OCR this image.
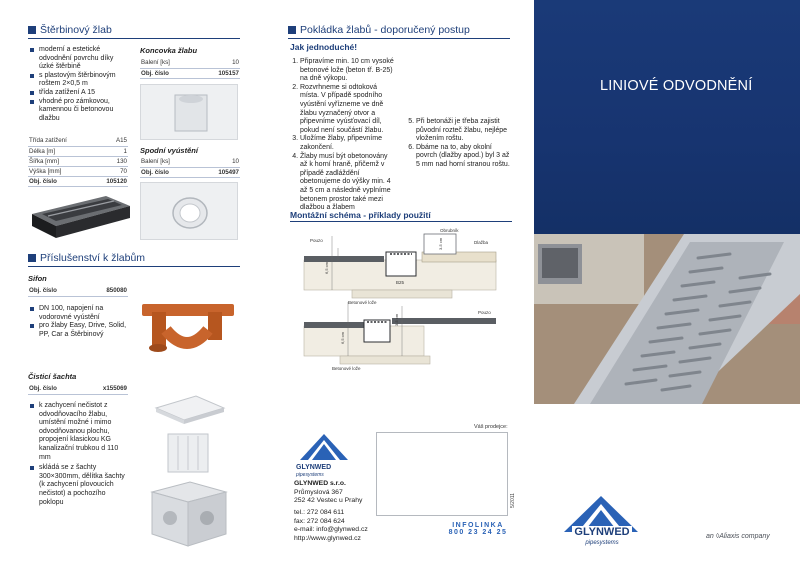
Štěrbinový žlab
moderní a estetické odvodnění povrchu díky úzké štěrbině
s plastovým štěrbinovým roštem 2×0,5 m
třída zatížení A 15
vhodné pro zámkovou, kamennou či betonovou dlažbu
Třída zatížení	A15
Délka [m]	1
Šířka [mm]	130
Výška [mm]	70
Obj. číslo	105120
Koncovka žlabu
Balení [ks]	10
Obj. číslo	105157
Spodní vyústění
Balení [ks]	10
Obj. číslo	105497
Příslušenství k žlabům
Sifon
Obj. číslo	850080
DN 100, napojení na vodorovné vyústění
pro žlaby Easy, Drive, Solid, PP, Car a Štěrbinový
Čisticí šachta
Obj. číslo	x155069
k zachycení nečistot z odvodňovacího žlabu, umístění možné i mimo odvodňovanou plochu, propojení klasickou KG kanalizační trubkou d 110 mm
skládá se z šachty 300×300mm, dělítka šachty (k zachycení plovoucích nečistot) a pochozího poklopu
Pokládka žlabů - doporučený postup
Jak jednoduché!
1. Připravíme min. 10 cm vysoké betonové lože (beton tř. B-25) na dně výkopu.
2. Rozvrhneme si odtoková místa. V případě spodního vyústění vyřízneme ve dně žlabu vyznačený otvor a připevníme vyúsťovací díl, pokud není součástí žlabu.
3. Uložíme žlaby, připevníme zakončení.
4. Žlaby musí být obetonovány až k horní hraně, přičemž v případě zadláždění obetonujeme do výšky min. 4 až 5 cm a následně vyplníme betonem prostor také mezi dlažbou a žlabem
5. Při betonáži je třeba zajistit původní rozteč žlabu, nejlépe vložením roštu.
6. Dbáme na to, aby okolní povrch (dlažby apod.) byl 3 až 5 mm nad horní stranou roštu.
Montážní schéma - příklady použití
Obrubník
Pouzo	Dlažba
Betonové lože
Pouzo
B25
Betonové lože
6,5 cm
3-5 cm
6,5 cm
3-5 cm
GLYNWED
pipesystems
GLYNWED s.r.o.
Průmyslová 367
252 42 Vestec u Prahy
tel.: 272 084 611
fax: 272 084 624
e-mail: info@glynwed.cz
http://www.glynwed.cz
Váš prodejce:
5/2011
INFOLINKA
800 23 24 25
LINIOVÉ ODVODNĚNÍ
GLYNWED
pipesystems
an ◊Aliaxis company
